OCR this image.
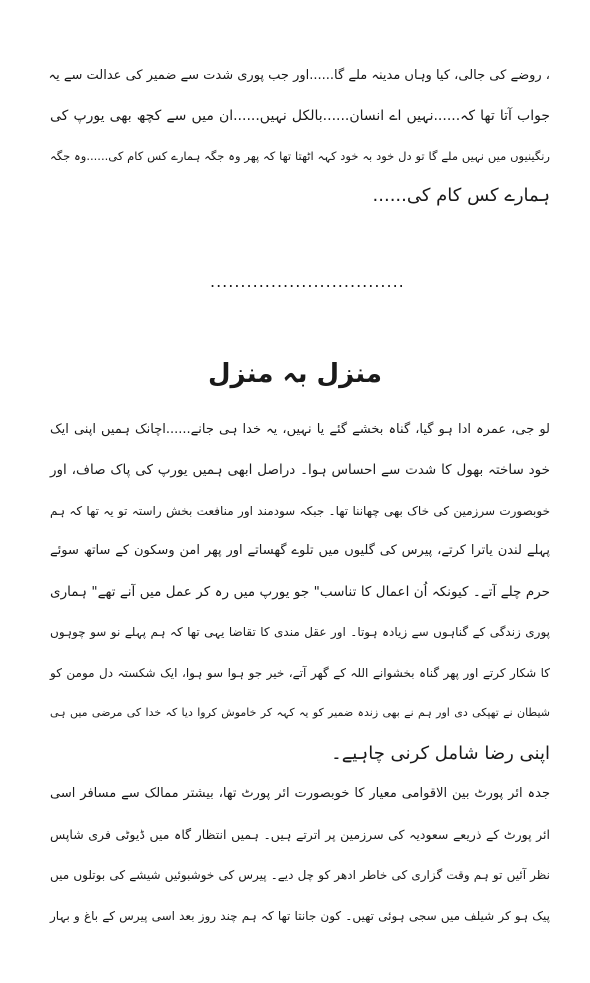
، روضے کی جالی، کیا وہاں مدینہ ملے گا......اور جب پوری شدت سے ضمیر کی عدالت سے یہ
جواب آتا تھا کہ......نہیں اے انسان......بالکل نہیں......ان میں سے کچھ بھی یورپ کی
رنگینیوں میں نہیں ملے گا تو دل خود بہ خود کہہ اٹھتا تھا کہ پھر وہ جگہ ہمارے کس کام کی......وہ جگہ
ہمارے کس کام کی......
................................
منزل بہ منزل
لو جی، عمرہ ادا ہو گیا، گناہ بخشے گئے یا نہیں، یہ خدا ہی جانے......اچانک ہمیں اپنی ایک
خود ساختہ بھول کا شدت سے احساس ہوا۔ دراصل ابھی ہمیں یورپ کی پاک صاف، اور
خوبصورت سرزمین کی خاک بھی چھاننا تھا۔ جبکہ سودمند اور منافعت بخش راستہ تو یہ تھا کہ ہم
پہلے لندن یاترا کرتے، پیرس کی گلیوں میں تلوے گھساتے اور پھر امن وسکون کے ساتھ سوئے
حرم چلے آتے۔ کیونکہ اُن اعمال کا تناسب" جو یورپ میں رہ کر عمل میں آنے تھے" ہماری
پوری زندگی کے گناہوں سے زیادہ ہوتا۔ اور عقل مندی کا تقاضا یہی تھا کہ ہم پہلے نو سو چوہوں
کا شکار کرتے اور پھر گناہ بخشوانے اللہ کے گھر آتے، خیر جو ہوا سو ہوا، ایک شکستہ دل مومن کو
شیطان نے تھپکی دی اور ہم نے بھی زندہ ضمیر کو یہ کہہ کر خاموش کروا دیا کہ خدا کی مرضی میں ہی
اپنی رضا شامل کرنی چاہیے۔
جدہ ائر پورٹ بین الاقوامی معیار کا خوبصورت ائر پورٹ تھا، بیشتر ممالک سے مسافر اسی
ائر پورٹ کے ذریعے سعودیہ کی سرزمین پر اترتے ہیں۔ ہمیں انتظار گاہ میں ڈیوٹی فری شاپس
نظر آئیں تو ہم وقت گزاری کی خاطر ادھر کو چل دیے۔ پیرس کی خوشبوئیں شیشے کی بوتلوں میں
پیک ہو کر شیلف میں سجی ہوئی تھیں۔ کون جانتا تھا کہ ہم چند روز بعد اسی پیرس کے باغ و بہار
